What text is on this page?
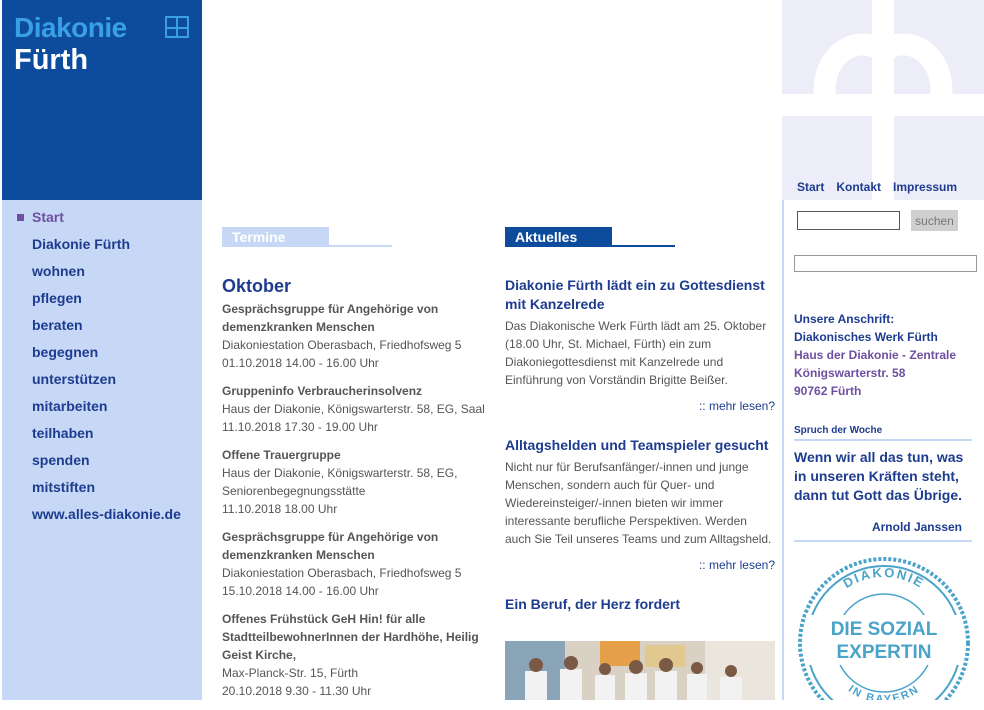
Diakonie
Fürth
Start
Diakonie Fürth
wohnen
pflegen
beraten
begegnen
unterstützen
mitarbeiten
teilhaben
spenden
mitstiften
www.alles-diakonie.de
Start Kontakt Impressum
suchen
Unsere Anschrift:
Diakonisches Werk Fürth
Haus der Diakonie - Zentrale
Königswarterstr. 58
90762 Fürth
Spruch der Woche
Wenn wir all das tun, was in unseren Kräften steht, dann tut Gott das Übrige.
Arnold Janssen
DIAKONIE
DIE SOZIAL
EXPERTIN
IN BAYERN
Termine	Aktuelles
Oktober
Gesprächsgruppe für Angehörige von demenzkranken Menschen
Diakoniestation Oberasbach, Friedhofsweg 5
01.10.2018 14.00 - 16.00 Uhr
Gruppeninfo Verbraucherinsolvenz
Haus der Diakonie, Königswarterstr. 58, EG, Saal
11.10.2018 17.30 - 19.00 Uhr
Offene Trauergruppe
Haus der Diakonie, Königswarterstr. 58, EG, Seniorenbegegnungsstätte
11.10.2018 18.00 Uhr
Gesprächsgruppe für Angehörige von demenzkranken Menschen
Diakoniestation Oberasbach, Friedhofsweg 5
15.10.2018 14.00 - 16.00 Uhr
Offenes Frühstück GeH Hin! für alle StadtteilbewohnerInnen der Hardhöhe, Heilig Geist Kirche,
Max-Planck-Str. 15, Fürth
20.10.2018 9.30 - 11.30 Uhr
Diakonie Fürth lädt ein zu Gottesdienst mit Kanzelrede
Das Diakonische Werk Fürth lädt am 25. Oktober (18.00 Uhr, St. Michael, Fürth) ein zum Diakoniegottesdienst mit Kanzelrede und Einführung von Vorständin Brigitte Beißer.
:: mehr lesen?
Alltagshelden und Teamspieler gesucht
Nicht nur für Berufsanfänger/-innen und junge Menschen, sondern auch für Quer- und Wiedereinsteiger/-innen bieten wir immer interessante berufliche Perspektiven. Werden auch Sie Teil unseres Teams und zum Alltagsheld.
:: mehr lesen?
Ein Beruf, der Herz fordert
